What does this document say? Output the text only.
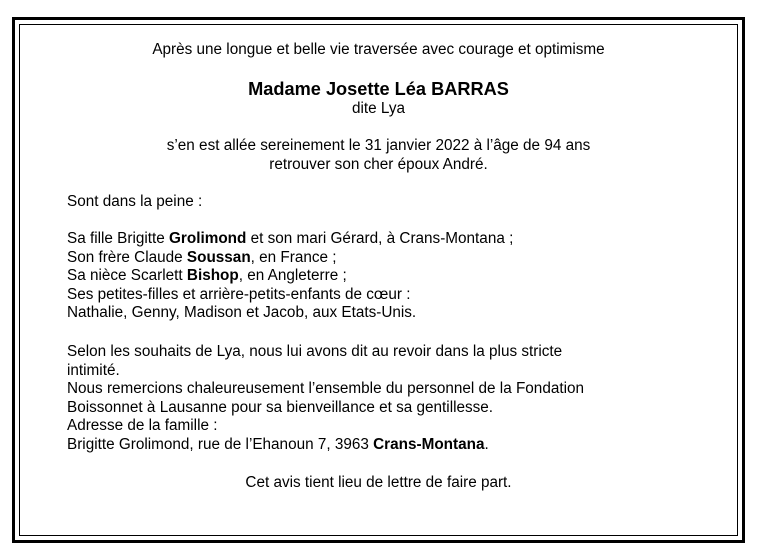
Après une longue et belle vie traversée avec courage et optimisme
Madame Josette Léa BARRAS
dite Lya
s’en est allée sereinement le 31 janvier 2022 à l’âge de 94 ans
retrouver son cher époux André.
Sont dans la peine :
Sa fille Brigitte Grolimond et son mari Gérard, à Crans-Montana ;
Son frère Claude Soussan, en France ;
Sa nièce Scarlett Bishop, en Angleterre ;
Ses petites-filles et arrière-petits-enfants de cœur :
Nathalie, Genny, Madison et Jacob, aux Etats-Unis.
Selon les souhaits de Lya, nous lui avons dit au revoir dans la plus stricte
intimité.
Nous remercions chaleureusement l’ensemble du personnel de la Fondation
Boissonnet à Lausanne pour sa bienveillance et sa gentillesse.
Adresse de la famille :
Brigitte Grolimond, rue de l’Ehanoun 7, 3963 Crans-Montana.
Cet avis tient lieu de lettre de faire part.
